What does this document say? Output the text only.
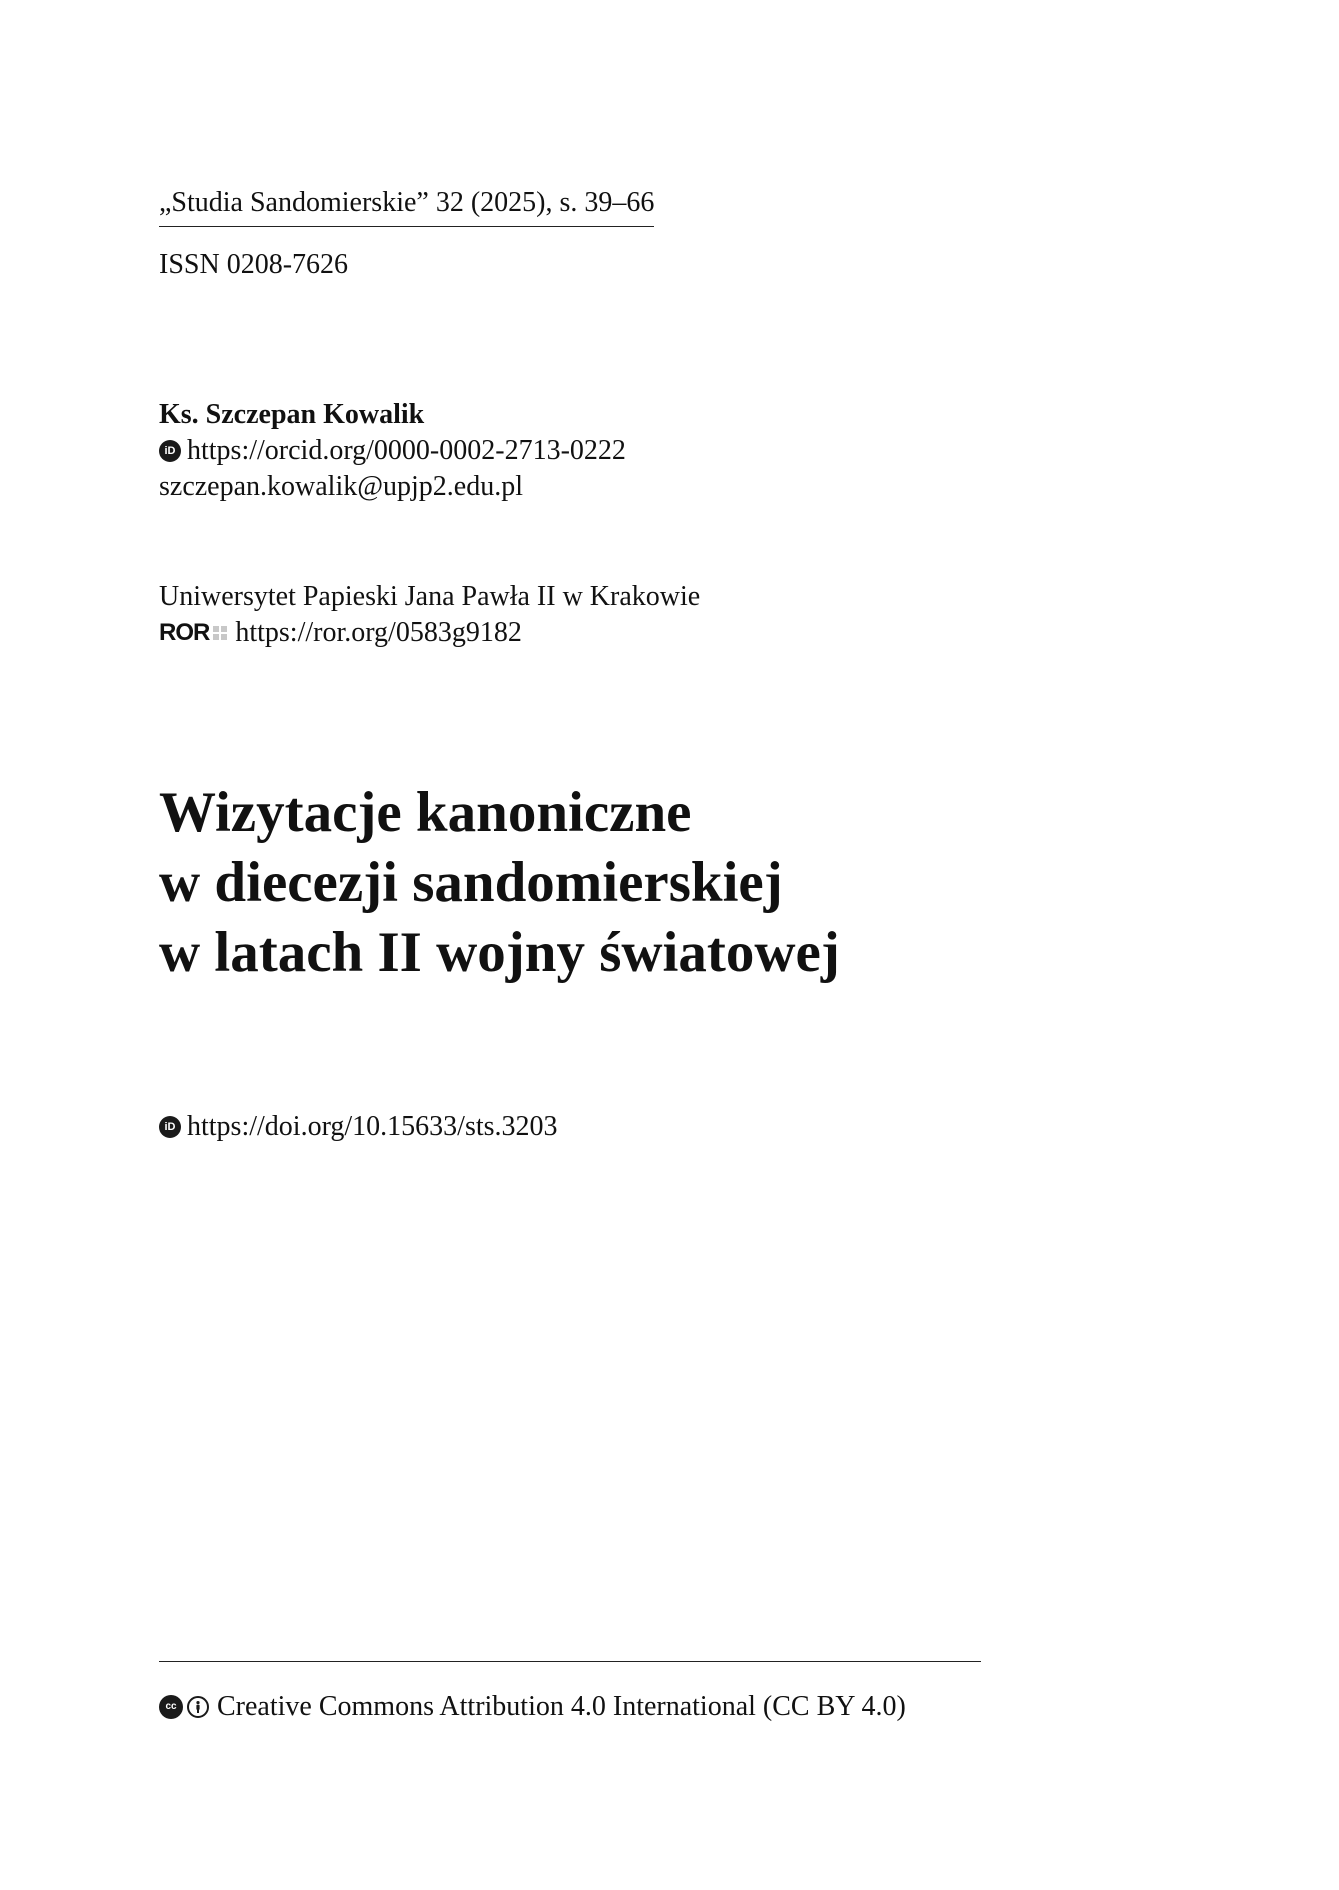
„Studia Sandomierskie” 32 (2025), s. 39–66
ISSN 0208-7626
Ks. Szczepan Kowalik
iD https://orcid.org/0000-0002-2713-0222
szczepan.kowalik@upjp2.edu.pl
Uniwersytet Papieski Jana Pawła II w Krakowie
ROR https://ror.org/0583g9182
Wizytacje kanoniczne
w diecezji sandomierskiej
w latach II wojny światowej
iD https://doi.org/10.15633/sts.3203
cc Creative Commons Attribution 4.0 International (CC BY 4.0)
